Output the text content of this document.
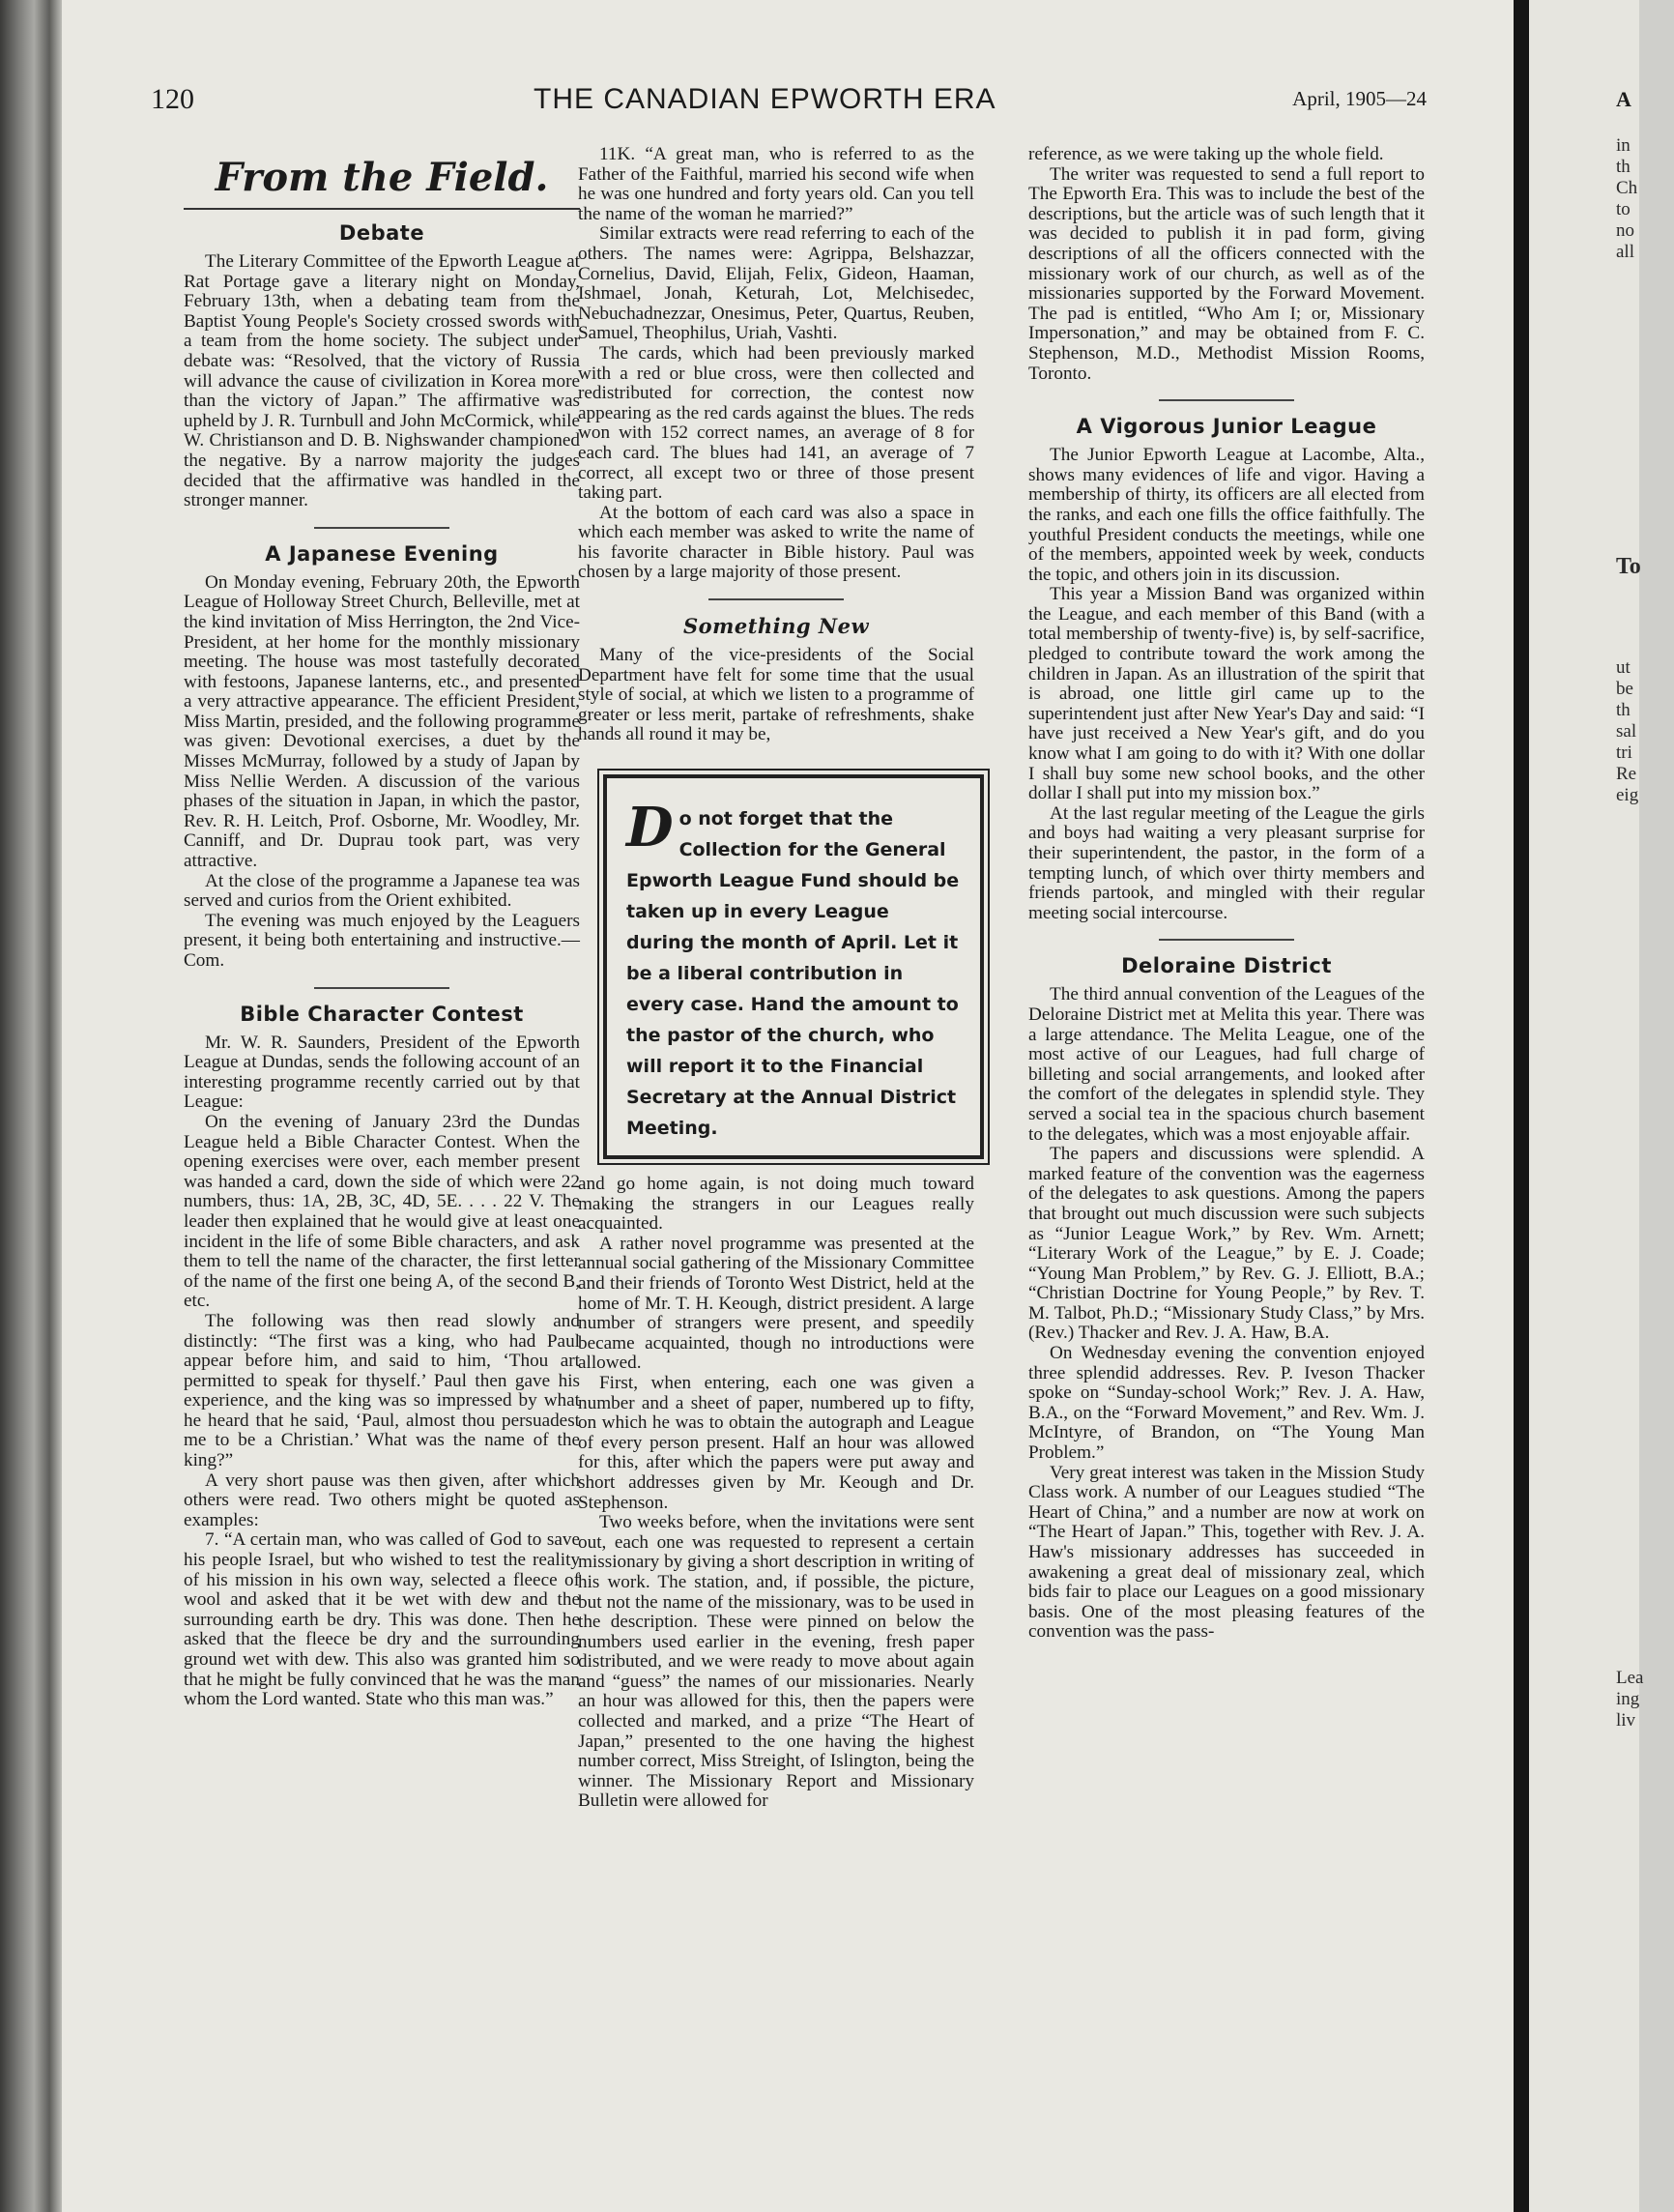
120	THE CANADIAN EPWORTH ERA	April, 1905—24
From the Field.
Debate

The Literary Committee of the Epworth League at Rat Portage gave a literary night on Monday, February 13th, when a debating team from the Baptist Young People's Society crossed swords with a team from the home society. The subject under debate was: “Resolved, that the victory of Russia will advance the cause of civilization in Korea more than the victory of Japan.” The affirmative was upheld by J. R. Turnbull and John McCormick, while W. Christianson and D. B. Nighswander championed the negative. By a narrow majority the judges decided that the affirmative was handled in the stronger manner.

A Japanese Evening

On Monday evening, February 20th, the Epworth League of Holloway Street Church, Belleville, met at the kind invitation of Miss Herrington, the 2nd Vice-President, at her home for the monthly missionary meeting. The house was most tastefully decorated with festoons, Japanese lanterns, etc., and presented a very attractive appearance. The efficient President, Miss Martin, presided, and the following programme was given: Devotional exercises, a duet by the Misses McMurray, followed by a study of Japan by Miss Nellie Werden. A discussion of the various phases of the situation in Japan, in which the pastor, Rev. R. H. Leitch, Prof. Osborne, Mr. Woodley, Mr. Canniff, and Dr. Duprau took part, was very attractive.

At the close of the programme a Japanese tea was served and curios from the Orient exhibited.

The evening was much enjoyed by the Leaguers present, it being both entertaining and instructive.—Com.

Bible Character Contest

Mr. W. R. Saunders, President of the Epworth League at Dundas, sends the following account of an interesting programme recently carried out by that League:

On the evening of January 23rd the Dundas League held a Bible Character Contest. When the opening exercises were over, each member present was handed a card, down the side of which were 22 numbers, thus: 1A, 2B, 3C, 4D, 5E. . . . 22 V. The leader then explained that he would give at least one incident in the life of some Bible characters, and ask them to tell the name of the character, the first letter of the name of the first one being A, of the second B, etc.

The following was then read slowly and distinctly: “The first was a king, who had Paul appear before him, and said to him, ‘Thou art permitted to speak for thyself.’ Paul then gave his experience, and the king was so impressed by what he heard that he said, ‘Paul, almost thou persuadest me to be a Christian.’ What was the name of the king?”

A very short pause was then given, after which others were read. Two others might be quoted as examples:

7. “A certain man, who was called of God to save his people Israel, but who wished to test the reality of his mission in his own way, selected a fleece of wool and asked that it be wet with dew and the surrounding earth be dry. This was done. Then he asked that the fleece be dry and the surrounding ground wet with dew. This also was granted him so that he might be fully convinced that he was the man whom the Lord wanted. State who this man was.”

11K. “A great man, who is referred to as the Father of the Faithful, married his second wife when he was one hundred and forty years old. Can you tell the name of the woman he married?”

Similar extracts were read referring to each of the others. The names were: Agrippa, Belshazzar, Cornelius, David, Elijah, Felix, Gideon, Haaman, Ishmael, Jonah, Keturah, Lot, Melchisedec, Nebuchadnezzar, Onesimus, Peter, Quartus, Reuben, Samuel, Theophilus, Uriah, Vashti.

The cards, which had been previously marked with a red or blue cross, were then collected and redistributed for correction, the contest now appearing as the red cards against the blues. The reds won with 152 correct names, an average of 8 for each card. The blues had 141, an average of 7 correct, all except two or three of those present taking part.

At the bottom of each card was also a space in which each member was asked to write the name of his favorite character in Bible history. Paul was chosen by a large majority of those present.

Something New

Many of the vice-presidents of the Social Department have felt for some time that the usual style of social, at which we listen to a programme of greater or less merit, partake of refreshments, shake hands all round it may be,

Do not forget that the Collection for the General Epworth League Fund should be taken up in every League during the month of April. Let it be a liberal contribution in every case. Hand the amount to the pastor of the church, who will report it to the Financial Secretary at the Annual District Meeting.

and go home again, is not doing much toward making the strangers in our Leagues really acquainted.

A rather novel programme was presented at the annual social gathering of the Missionary Committee and their friends of Toronto West District, held at the home of Mr. T. H. Keough, district president. A large number of strangers were present, and speedily became acquainted, though no introductions were allowed.

First, when entering, each one was given a number and a sheet of paper, numbered up to fifty, on which he was to obtain the autograph and League of every person present. Half an hour was allowed for this, after which the papers were put away and short addresses given by Mr. Keough and Dr. Stephenson.

Two weeks before, when the invitations were sent out, each one was requested to represent a certain missionary by giving a short description in writing of his work. The station, and, if possible, the picture, but not the name of the missionary, was to be used in the description. These were pinned on below the numbers used earlier in the evening, fresh paper distributed, and we were ready to move about again and “guess” the names of our missionaries. Nearly an hour was allowed for this, then the papers were collected and marked, and a prize “The Heart of Japan,” presented to the one having the highest number correct, Miss Streight, of Islington, being the winner. The Missionary Report and Missionary Bulletin were allowed for

reference, as we were taking up the whole field.

The writer was requested to send a full report to The Epworth Era. This was to include the best of the descriptions, but the article was of such length that it was decided to publish it in pad form, giving descriptions of all the officers connected with the missionary work of our church, as well as of the missionaries supported by the Forward Movement. The pad is entitled, “Who Am I; or, Missionary Impersonation,” and may be obtained from F. C. Stephenson, M.D., Methodist Mission Rooms, Toronto.

A Vigorous Junior League

The Junior Epworth League at Lacombe, Alta., shows many evidences of life and vigor. Having a membership of thirty, its officers are all elected from the ranks, and each one fills the office faithfully. The youthful President conducts the meetings, while one of the members, appointed week by week, conducts the topic, and others join in its discussion.

This year a Mission Band was organized within the League, and each member of this Band (with a total membership of twenty-five) is, by self-sacrifice, pledged to contribute toward the work among the children in Japan. As an illustration of the spirit that is abroad, one little girl came up to the superintendent just after New Year's Day and said: “I have just received a New Year's gift, and do you know what I am going to do with it? With one dollar I shall buy some new school books, and the other dollar I shall put into my mission box.”

At the last regular meeting of the League the girls and boys had waiting a very pleasant surprise for their superintendent, the pastor, in the form of a tempting lunch, of which over thirty members and friends partook, and mingled with their regular meeting social intercourse.

Deloraine District

The third annual convention of the Leagues of the Deloraine District met at Melita this year. There was a large attendance. The Melita League, one of the most active of our Leagues, had full charge of billeting and social arrangements, and looked after the comfort of the delegates in splendid style. They served a social tea in the spacious church basement to the delegates, which was a most enjoyable affair.

The papers and discussions were splendid. A marked feature of the convention was the eagerness of the delegates to ask questions. Among the papers that brought out much discussion were such subjects as “Junior League Work,” by Rev. Wm. Arnett; “Literary Work of the League,” by E. J. Coade; “Young Man Problem,” by Rev. G. J. Elliott, B.A.; “Christian Doctrine for Young People,” by Rev. T. M. Talbot, Ph.D.; “Missionary Study Class,” by Mrs. (Rev.) Thacker and Rev. J. A. Haw, B.A.

On Wednesday evening the convention enjoyed three splendid addresses. Rev. P. Iveson Thacker spoke on “Sunday-school Work;” Rev. J. A. Haw, B.A., on the “Forward Movement,” and Rev. Wm. J. McIntyre, of Brandon, on “The Young Man Problem.”

Very great interest was taken in the Mission Study Class work. A number of our Leagues studied “The Heart of China,” and a number are now at work on “The Heart of Japan.” This, together with Rev. J. A. Haw's missionary addresses has succeeded in awakening a great deal of missionary zeal, which bids fair to place our Leagues on a good missionary basis. One of the most pleasing features of the convention was the pass-

A
in
th
Ch
to
no
all
To
ut
be
th
sal
tri
Re
eig
Lea
ing
liv
